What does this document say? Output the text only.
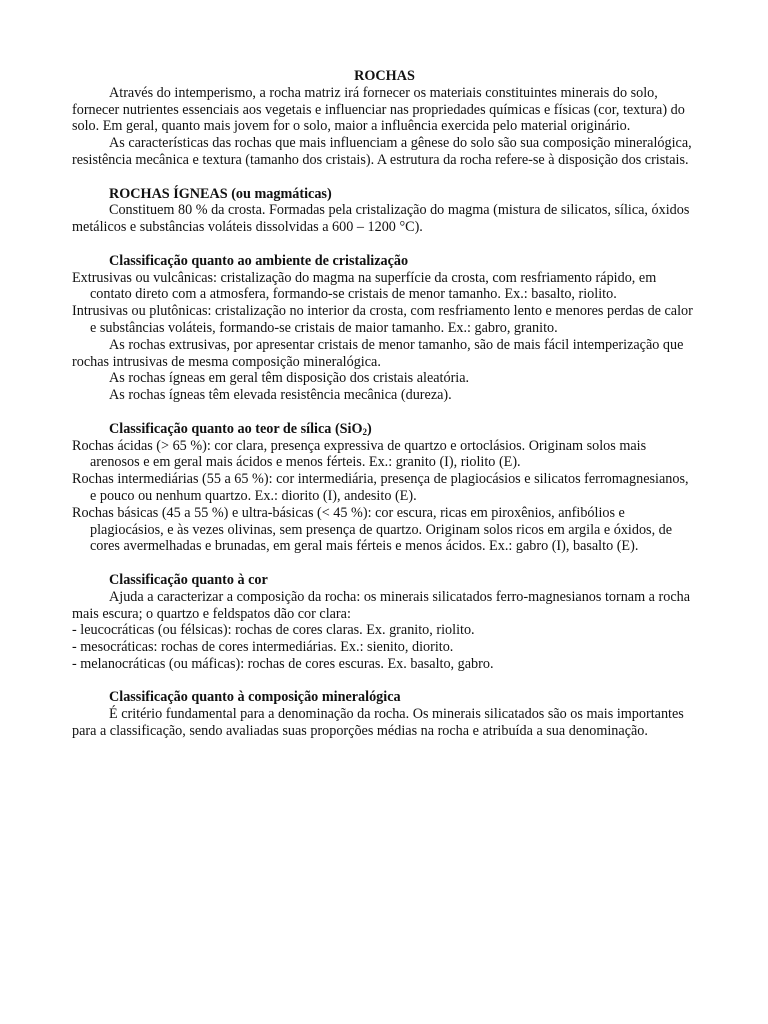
ROCHAS

Através do intemperismo, a rocha matriz irá fornecer os materiais constituintes minerais do solo, fornecer nutrientes essenciais aos vegetais e influenciar nas propriedades químicas e físicas (cor, textura) do solo. Em geral, quanto mais jovem for o solo, maior a influência exercida pelo material originário.

As características das rochas que mais influenciam a gênese do solo são sua composição mineralógica, resistência mecânica e textura (tamanho dos cristais). A estrutura da rocha refere-se à disposição dos cristais.

ROCHAS ÍGNEAS (ou magmáticas)

Constituem 80 % da crosta. Formadas pela cristalização do magma (mistura de silicatos, sílica, óxidos metálicos e substâncias voláteis dissolvidas a 600 – 1200 °C).

Classificação quanto ao ambiente de cristalização

Extrusivas ou vulcânicas: cristalização do magma na superfície da crosta, com resfriamento rápido, em contato direto com a atmosfera, formando-se cristais de menor tamanho. Ex.: basalto, riolito.

Intrusivas ou plutônicas: cristalização no interior da crosta, com resfriamento lento e menores perdas de calor e substâncias voláteis, formando-se cristais de maior tamanho. Ex.: gabro, granito.

As rochas extrusivas, por apresentar cristais de menor tamanho, são de mais fácil intemperização que rochas intrusivas de mesma composição mineralógica.

As rochas ígneas em geral têm disposição dos cristais aleatória.

As rochas ígneas têm elevada resistência mecânica (dureza).

Classificação quanto ao teor de sílica (SiO$_2$)

Rochas ácidas (> 65 %): cor clara, presença expressiva de quartzo e ortoclásios. Originam solos mais arenosos e em geral mais ácidos e menos férteis. Ex.: granito (I), riolito (E).

Rochas intermediárias (55 a 65 %): cor intermediária, presença de plagiocásios e silicatos ferromagnesianos, e pouco ou nenhum quartzo. Ex.: diorito (I), andesito (E).

Rochas básicas (45 a 55 %) e ultra-básicas (< 45 %): cor escura, ricas em piroxênios, anfibólios e plagiocásios, e às vezes olivinas, sem presença de quartzo. Originam solos ricos em argila e óxidos, de cores avermelhadas e brunadas, em geral mais férteis e menos ácidos. Ex.: gabro (I), basalto (E).

Classificação quanto à cor

Ajuda a caracterizar a composição da rocha: os minerais silicatados ferro-magnesianos tornam a rocha mais escura; o quartzo e feldspatos dão cor clara:

- leucocráticas (ou félsicas): rochas de cores claras. Ex. granito, riolito.

- mesocráticas: rochas de cores intermediárias. Ex.: sienito, diorito.

- melanocráticas (ou máficas): rochas de cores escuras. Ex. basalto, gabro.

Classificação quanto à composição mineralógica

É critério fundamental para a denominação da rocha. Os minerais silicatados são os mais importantes para a classificação, sendo avaliadas suas proporções médias na rocha e atribuída a sua denominação.
